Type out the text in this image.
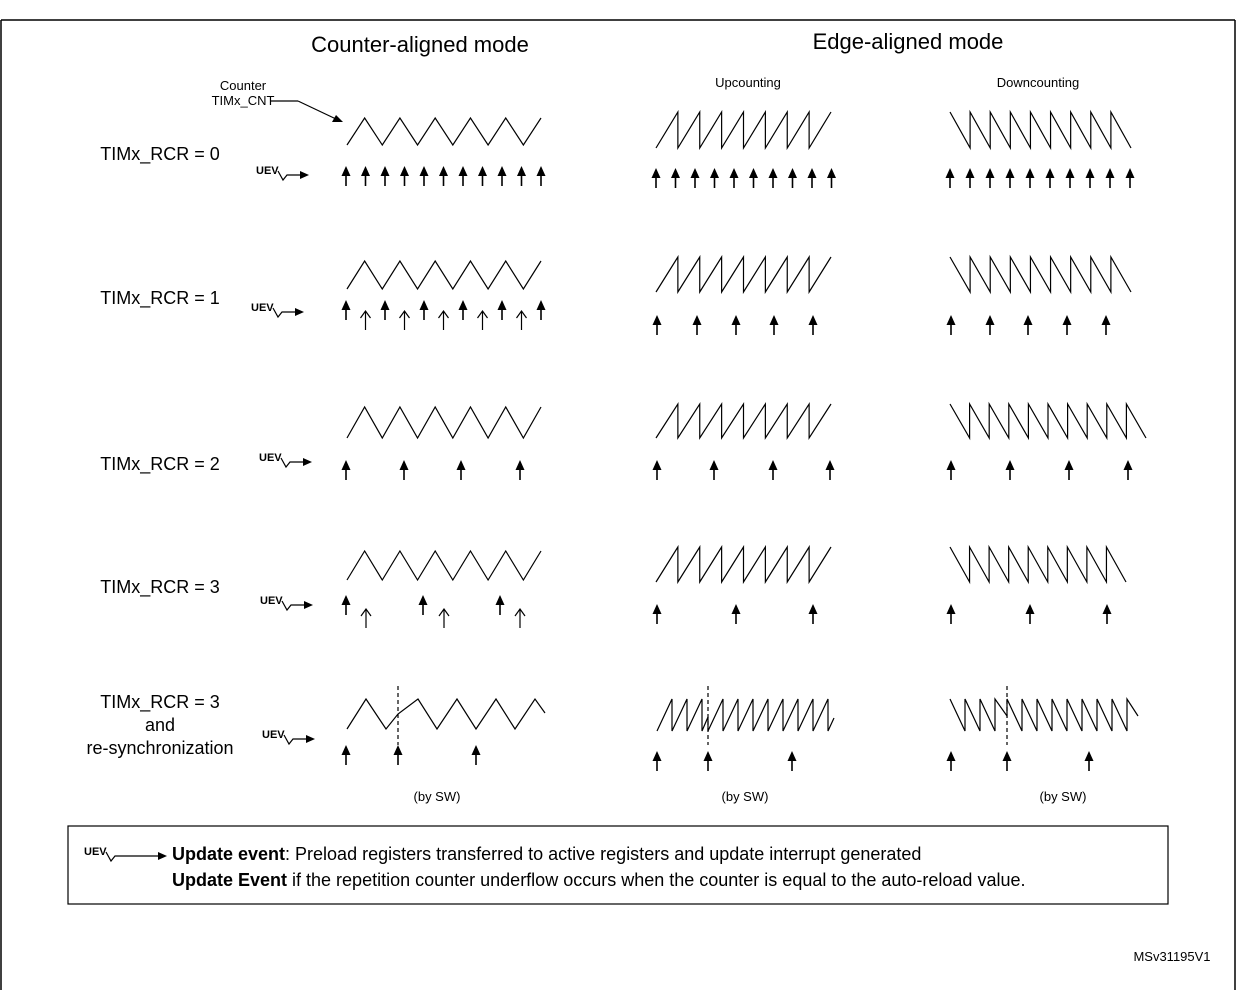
Counter-aligned mode	Edge-aligned mode
Upcounting	Downcounting
Counter
TIMx_CNT
TIMx_RCR = 0
TIMx_RCR = 1
TIMx_RCR = 2
TIMx_RCR = 3
TIMx_RCR = 3
and
re-synchronization
(by SW)	(by SW)	(by SW)
UEV
UEV
UEV
UEV
UEV
UEV	Update event: Preload registers transferred to active registers and update interrupt generated
Update Event if the repetition counter underflow occurs when the counter is equal to the auto-reload value.
MSv31195V1
